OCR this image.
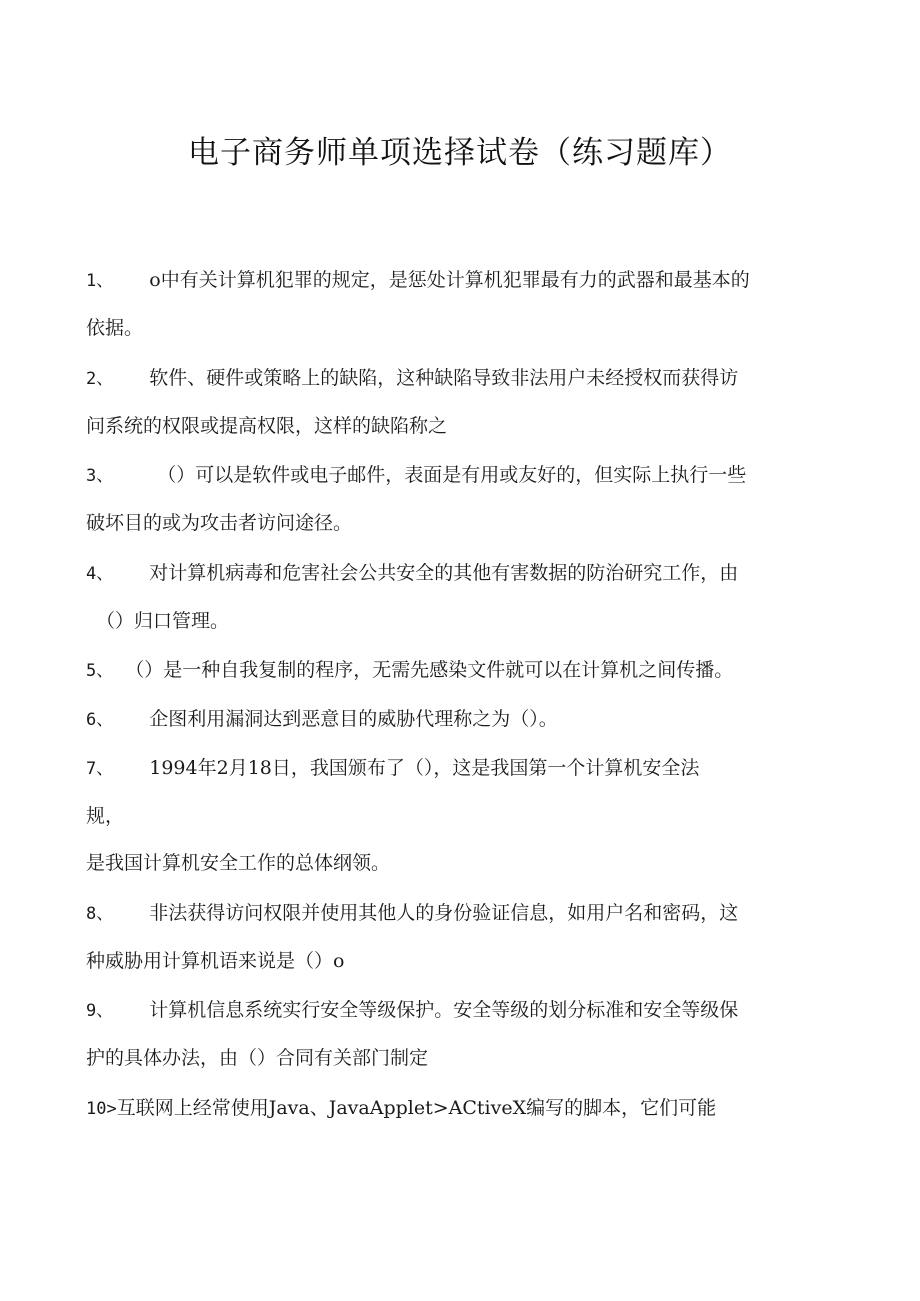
电子商务师单项选择试卷（练习题库）
1、 o中有关计算机犯罪的规定，是惩处计算机犯罪最有力的武器和最基本的
依据。
2、 软件、硬件或策略上的缺陷，这种缺陷导致非法用户未经授权而获得访
问系统的权限或提高权限，这样的缺陷称之
3、 （）可以是软件或电子邮件，表面是有用或友好的，但实际上执行一些
破坏目的或为攻击者访问途径。
4、 对计算机病毒和危害社会公共安全的其他有害数据的防治研究工作，由
（）归口管理。
5、 （）是一种自我复制的程序，无需先感染文件就可以在计算机之间传播。
6、 企图利用漏洞达到恶意目的威胁代理称之为（）。
7、 1994年2月18日，我国颁布了（），这是我国第一个计算机安全法
规，
是我国计算机安全工作的总体纲领。
8、 非法获得访问权限并使用其他人的身份验证信息，如用户名和密码，这
种威胁用计算机语来说是（）o
9、 计算机信息系统实行安全等级保护。安全等级的划分标准和安全等级保
护的具体办法，由（）合同有关部门制定
10>互联网上经常使用Java、JavaApplet>ACtiveX编写的脚本，它们可能
